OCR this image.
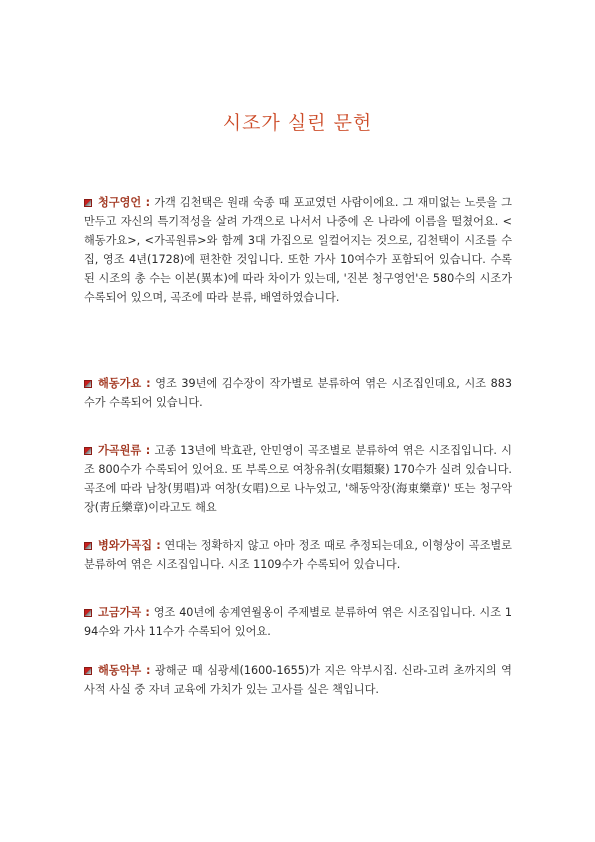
시조가 실린 문헌
청구영언 : 가객 김천택은 원래 숙종 때 포교였던 사람이에요. 그 재미없는 노릇을 그만두고 자신의 특기적성을 살려 가객으로 나서서 나중에 온 나라에 이름을 떨쳤어요. <해동가요>, <가곡원류>와 함께 3대 가집으로 일컬어지는 것으로, 김천택이 시조를 수집, 영조 4년(1728)에 편찬한 것입니다. 또한 가사 10여수가 포함되어 있습니다. 수록된 시조의 총 수는 이본(異本)에 따라 차이가 있는데, '진본 청구영언'은 580수의 시조가 수록되어 있으며, 곡조에 따라 분류, 배열하였습니다.
해동가요 : 영조 39년에 김수장이 작가별로 분류하여 엮은 시조집인데요, 시조 883수가 수록되어 있습니다.
가곡원류 : 고종 13년에 박효관, 안민영이 곡조별로 분류하여 엮은 시조집입니다. 시조 800수가 수록되어 있어요. 또 부록으로 여창유취(女唱類聚) 170수가 실려 있습니다. 곡조에 따라 남창(男唱)과 여창(女唱)으로 나누었고, '해동악장(海東樂章)' 또는 청구악장(靑丘樂章)이라고도 해요
병와가곡집 : 연대는 정확하지 않고 아마 정조 때로 추정되는데요, 이형상이 곡조별로 분류하여 엮은 시조집입니다. 시조 1109수가 수록되어 있습니다.
고금가곡 : 영조 40년에 송계연월옹이 주제별로 분류하여 엮은 시조집입니다. 시조 194수와 가사 11수가 수록되어 있어요.
해동악부 : 광해군 때 심광세(1600-1655)가 지은 악부시집. 신라-고려 초까지의 역사적 사실 중 자녀 교육에 가치가 있는 고사를 실은 책입니다.
